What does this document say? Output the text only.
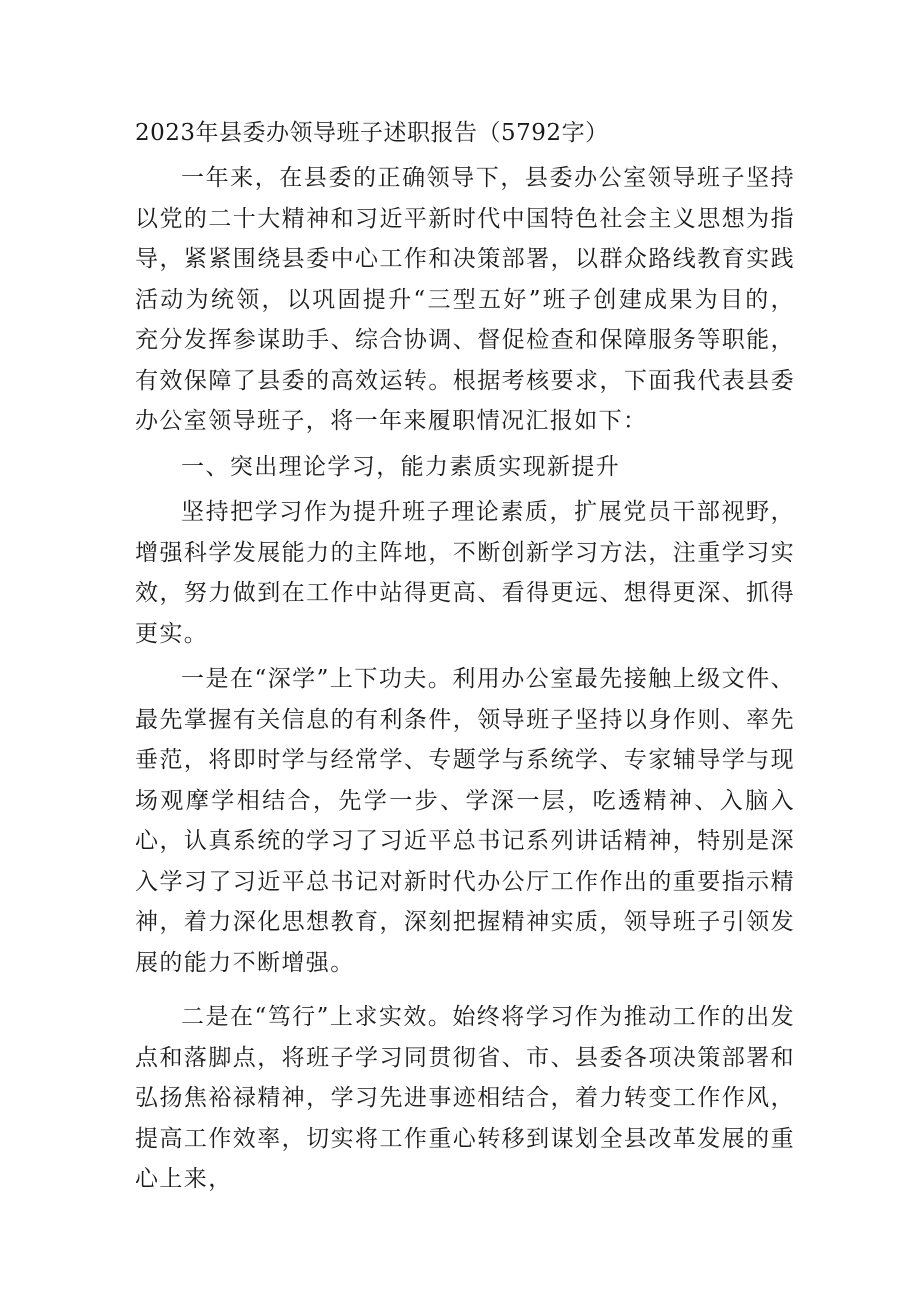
2023年县委办领导班子述职报告（5792字）

一年来，在县委的正确领导下，县委办公室领导班子坚持以党的二十大精神和习近平新时代中国特色社会主义思想为指导，紧紧围绕县委中心工作和决策部署，以群众路线教育实践活动为统领，以巩固提升“三型五好”班子创建成果为目的，充分发挥参谋助手、综合协调、督促检查和保障服务等职能，有效保障了县委的高效运转。根据考核要求，下面我代表县委办公室领导班子，将一年来履职情况汇报如下：

一、突出理论学习，能力素质实现新提升

坚持把学习作为提升班子理论素质，扩展党员干部视野，增强科学发展能力的主阵地，不断创新学习方法，注重学习实效，努力做到在工作中站得更高、看得更远、想得更深、抓得更实。

一是在“深学”上下功夫。利用办公室最先接触上级文件、最先掌握有关信息的有利条件，领导班子坚持以身作则、率先垂范，将即时学与经常学、专题学与系统学、专家辅导学与现场观摩学相结合，先学一步、学深一层，吃透精神、入脑入心，认真系统的学习了习近平总书记系列讲话精神，特别是深入学习了习近平总书记对新时代办公厅工作作出的重要指示精神，着力深化思想教育，深刻把握精神实质，领导班子引领发展的能力不断增强。

二是在“笃行”上求实效。始终将学习作为推动工作的出发点和落脚点，将班子学习同贯彻省、市、县委各项决策部署和弘扬焦裕禄精神，学习先进事迹相结合，着力转变工作作风，提高工作效率，切实将工作重心转移到谋划全县改革发展的重心上来，
